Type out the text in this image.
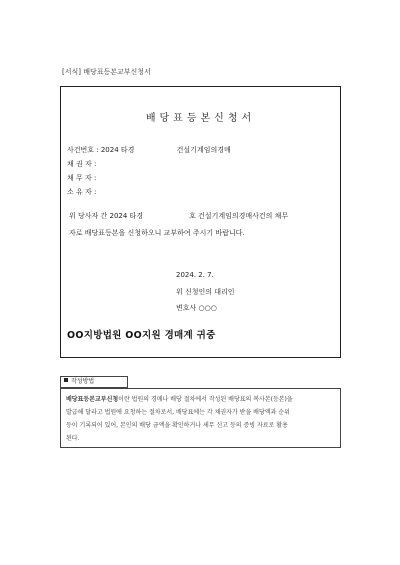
[서식] 배당표등본교부신청서
배당표등본신청서
사건번호 : 2024 타경	건설기계임의경매
채 권 자 :
채 무 자 :
소 유 자 :
위 당사자 간 2024 타경	호 건설기계임의경매사건의 채무
자로 배당표등본을 신청하오니 교부하여 주시기 바랍니다.
2024. 2. 7.
위 신청인의 대리인
변호사 ○○○
OO지방법원 OO지원 경매계 귀중
작성방법
배당표등본교부신청이란 법원의 경매나 배당 절차에서 작성된 배당표의 복사본(등본)을
발급해 달라고 법원에 요청하는 절차로서, 배당표에는 각 채권자가 받을 배당액과 순위
등이 기록되어 있어, 본인의 배당 금액을 확인하거나 세무 신고 등의 증빙 자료로 활용
된다.
